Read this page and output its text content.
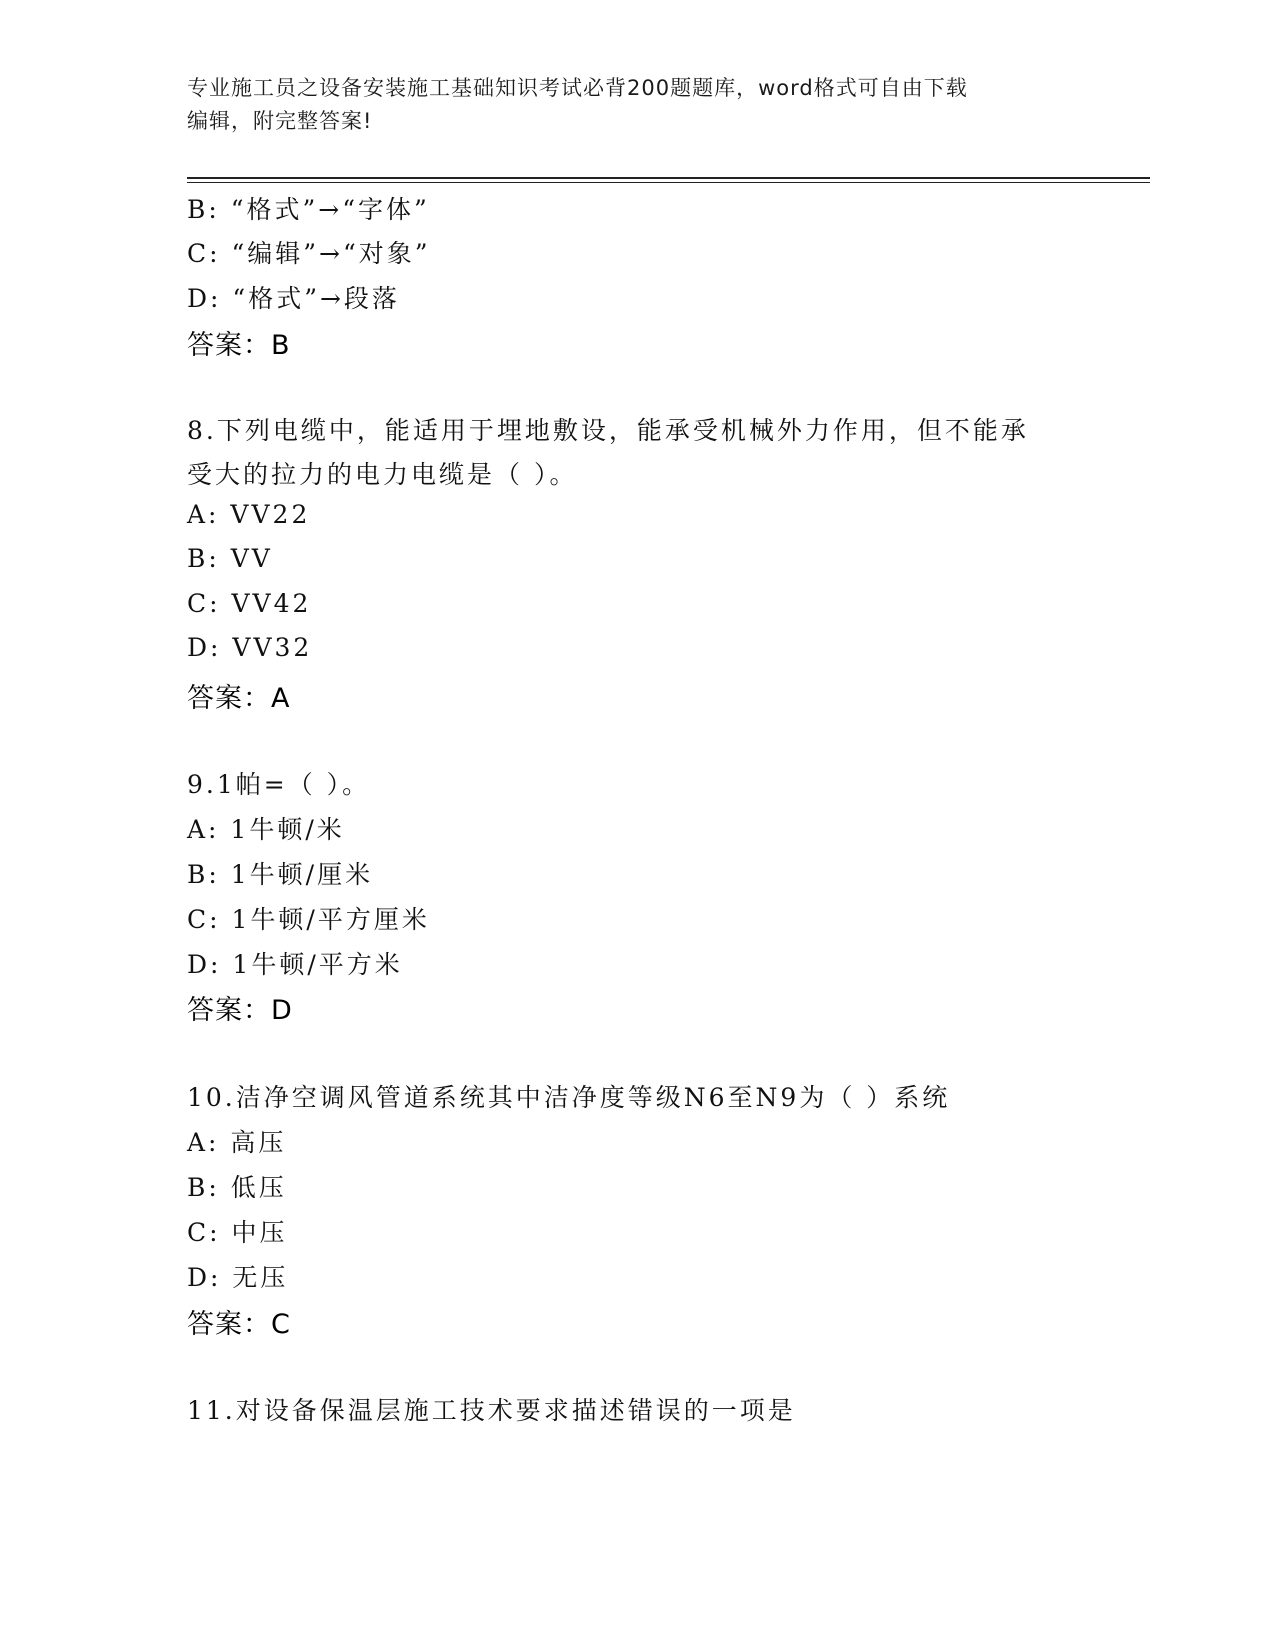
专业施工员之设备安装施工基础知识考试必背200题题库，word格式可自由下载
编辑，附完整答案!
B: “格式”→“字体”
C: “编辑”→“对象”
D: “格式”→段落
答案：B
8.下列电缆中，能适用于埋地敷设，能承受机械外力作用，但不能承
受大的拉力的电力电缆是（ ）。
A: VV22
B: VV
C: VV42
D: VV32
答案：A
9.1帕=（ ）。
A: 1牛顿/米
B: 1牛顿/厘米
C: 1牛顿/平方厘米
D: 1牛顿/平方米
答案：D
10.洁净空调风管道系统其中洁净度等级N6至N9为（ ）系统
A: 高压
B: 低压
C: 中压
D: 无压
答案：C
11.对设备保温层施工技术要求描述错误的一项是
